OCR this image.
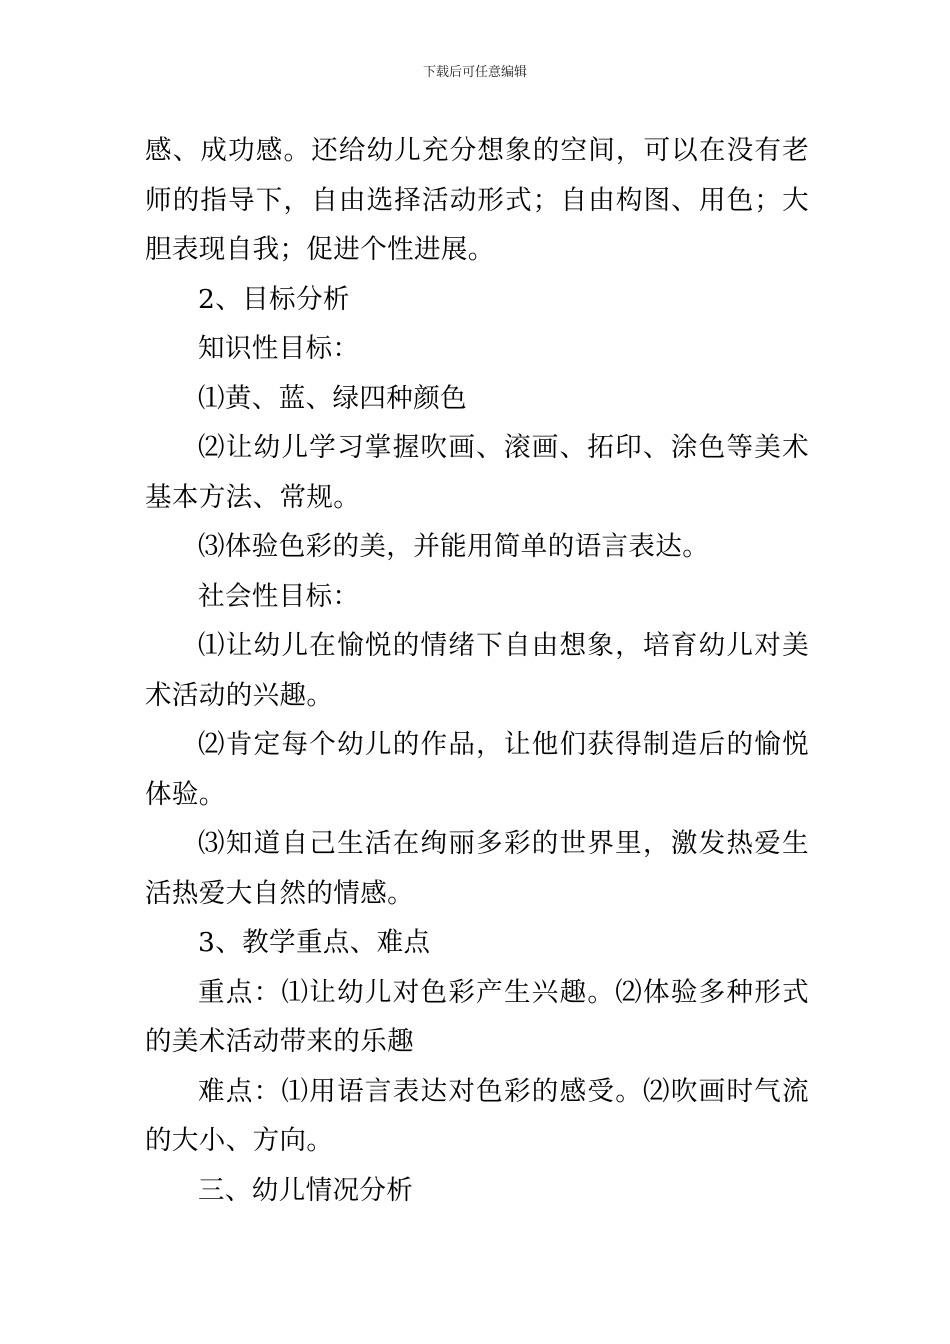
下载后可任意编辑

感、成功感。还给幼儿充分想象的空间，可以在没有老师的指导下，自由选择活动形式；自由构图、用色；大胆表现自我；促进个性进展。

2、目标分析

知识性目标：

⑴黄、蓝、绿四种颜色

⑵让幼儿学习掌握吹画、滚画、拓印、涂色等美术基本方法、常规。

⑶体验色彩的美，并能用简单的语言表达。

社会性目标：

⑴让幼儿在愉悦的情绪下自由想象，培育幼儿对美术活动的兴趣。

⑵肯定每个幼儿的作品，让他们获得制造后的愉悦体验。

⑶知道自己生活在绚丽多彩的世界里，激发热爱生活热爱大自然的情感。

3、教学重点、难点

重点：⑴让幼儿对色彩产生兴趣。⑵体验多种形式的美术活动带来的乐趣

难点：⑴用语言表达对色彩的感受。⑵吹画时气流的大小、方向。

三、幼儿情况分析
